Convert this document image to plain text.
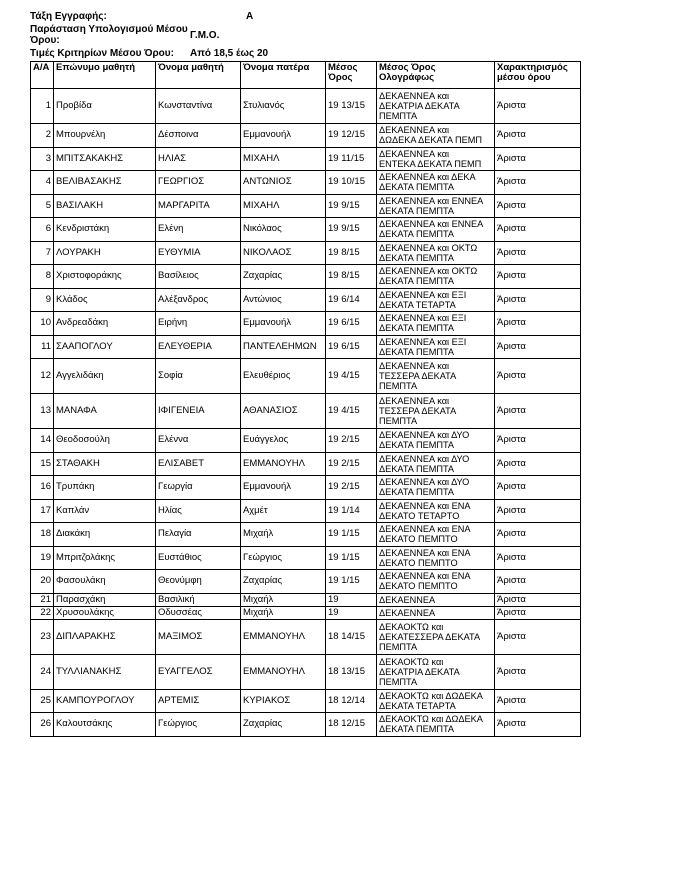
Τάξη Εγγραφής:	Α
Παράσταση Υπολογισμού Μέσου
Όρου:	Γ.Μ.Ο.
Τιμές Κριτηρίων Μέσου Όρου: Από 18,5 έως 20
Α/Α	Επώνυμο μαθητή	Όνομα μαθητή	Όνομα πατέρα	Μέσος
Όρος	Μέσος Όρος
Ολογράφως	Χαρακτηρισμός
μέσου όρου
1	Προβίδα	Κωνσταντίνα	Στυλιανός	19 13/15	ΔΕΚΑΕΝΝΕΑ και
ΔΕΚΑΤΡΙΑ ΔΕΚΑΤΑ
ΠΕΜΠΤΑ	Άριστα
2	Μπουρνέλη	Δέσποινα	Εμμανουήλ	19 12/15	ΔΕΚΑΕΝΝΕΑ και
ΔΩΔΕΚΑ ΔΕΚΑΤΑ ΠΕΜΠ	Άριστα
3	ΜΠΙΤΣΑΚΑΚΗΣ	ΗΛΙΑΣ	ΜΙΧΑΗΛ	19 11/15	ΔΕΚΑΕΝΝΕΑ και
ΕΝΤΕΚΑ ΔΕΚΑΤΑ ΠΕΜΠ	Άριστα
4	ΒΕΛΙΒΑΣΑΚΗΣ	ΓΕΩΡΓΙΟΣ	ΑΝΤΩΝΙΟΣ	19 10/15	ΔΕΚΑΕΝΝΕΑ και ΔΕΚΑ
ΔΕΚΑΤΑ ΠΕΜΠΤΑ	Άριστα
5	ΒΑΣΙΛΑΚΗ	ΜΑΡΓΑΡΙΤΑ	ΜΙΧΑΗΛ	19 9/15	ΔΕΚΑΕΝΝΕΑ και ΕΝΝΕΑ
ΔΕΚΑΤΑ ΠΕΜΠΤΑ	Άριστα
6	Κενδριστάκη	Ελένη	Νικόλαος	19 9/15	ΔΕΚΑΕΝΝΕΑ και ΕΝΝΕΑ
ΔΕΚΑΤΑ ΠΕΜΠΤΑ	Άριστα
7	ΛΟΥΡΑΚΗ	ΕΥΘΥΜΙΑ	ΝΙΚΟΛΑΟΣ	19 8/15	ΔΕΚΑΕΝΝΕΑ και ΟΚΤΩ
ΔΕΚΑΤΑ ΠΕΜΠΤΑ	Άριστα
8	Χριστοφοράκης	Βασίλειος	Ζαχαρίας	19 8/15	ΔΕΚΑΕΝΝΕΑ και ΟΚΤΩ
ΔΕΚΑΤΑ ΠΕΜΠΤΑ	Άριστα
9	Κλάδος	Αλέξανδρος	Αντώνιος	19 6/14	ΔΕΚΑΕΝΝΕΑ και ΕΞΙ
ΔΕΚΑΤΑ ΤΕΤΑΡΤΑ	Άριστα
10	Ανδρεαδάκη	Ειρήνη	Εμμανουήλ	19 6/15	ΔΕΚΑΕΝΝΕΑ και ΕΞΙ
ΔΕΚΑΤΑ ΠΕΜΠΤΑ	Άριστα
11	ΣΑΑΠΟΓΛΟΥ	ΕΛΕΥΘΕΡΙΑ	ΠΑΝΤΕΛΕΗΜΩΝ	19 6/15	ΔΕΚΑΕΝΝΕΑ και ΕΞΙ
ΔΕΚΑΤΑ ΠΕΜΠΤΑ	Άριστα
12	Αγγελιδάκη	Σοφία	Ελευθέριος	19 4/15	ΔΕΚΑΕΝΝΕΑ και
ΤΕΣΣΕΡΑ ΔΕΚΑΤΑ
ΠΕΜΠΤΑ	Άριστα
13	ΜΑΝΑΦΑ	ΙΦΙΓΕΝΕΙΑ	ΑΘΑΝΑΣΙΟΣ	19 4/15	ΔΕΚΑΕΝΝΕΑ και
ΤΕΣΣΕΡΑ ΔΕΚΑΤΑ
ΠΕΜΠΤΑ	Άριστα
14	Θεοδοσούλη	Ελέννα	Ευάγγελος	19 2/15	ΔΕΚΑΕΝΝΕΑ και ΔΥΟ
ΔΕΚΑΤΑ ΠΕΜΠΤΑ	Άριστα
15	ΣΤΑΘΑΚΗ	ΕΛΙΣΑΒΕΤ	ΕΜΜΑΝΟΥΗΛ	19 2/15	ΔΕΚΑΕΝΝΕΑ και ΔΥΟ
ΔΕΚΑΤΑ ΠΕΜΠΤΑ	Άριστα
16	Τρυπάκη	Γεωργία	Εμμανουήλ	19 2/15	ΔΕΚΑΕΝΝΕΑ και ΔΥΟ
ΔΕΚΑΤΑ ΠΕΜΠΤΑ	Άριστα
17	Καπλάν	Ηλίας	Αχμέτ	19 1/14	ΔΕΚΑΕΝΝΕΑ και ΕΝΑ
ΔΕΚΑΤΟ ΤΕΤΑΡΤΟ	Άριστα
18	Διακάκη	Πελαγία	Μιχαήλ	19 1/15	ΔΕΚΑΕΝΝΕΑ και ΕΝΑ
ΔΕΚΑΤΟ ΠΕΜΠΤΟ	Άριστα
19	Μπριτζολάκης	Ευστάθιος	Γεώργιος	19 1/15	ΔΕΚΑΕΝΝΕΑ και ΕΝΑ
ΔΕΚΑΤΟ ΠΕΜΠΤΟ	Άριστα
20	Φασουλάκη	Θεονύμφη	Ζαχαρίας	19 1/15	ΔΕΚΑΕΝΝΕΑ και ΕΝΑ
ΔΕΚΑΤΟ ΠΕΜΠΤΟ	Άριστα
21	Παρασχάκη	Βασιλική	Μιχαήλ	19	ΔΕΚΑΕΝΝΕΑ	Άριστα
22	Χρυσουλάκης	Οδυσσέας	Μιχαήλ	19	ΔΕΚΑΕΝΝΕΑ	Άριστα
23	ΔΙΠΛΑΡΑΚΗΣ	ΜΑΞΙΜΟΣ	ΕΜΜΑΝΟΥΗΛ	18 14/15	ΔΕΚΑΟΚΤΩ και
ΔΕΚΑΤΕΣΣΕΡΑ ΔΕΚΑΤΑ
ΠΕΜΠΤΑ	Άριστα
24	ΤΥΛΛΙΑΝΑΚΗΣ	ΕΥΑΓΓΕΛΟΣ	ΕΜΜΑΝΟΥΗΛ	18 13/15	ΔΕΚΑΟΚΤΩ και
ΔΕΚΑΤΡΙΑ ΔΕΚΑΤΑ
ΠΕΜΠΤΑ	Άριστα
25	ΚΑΜΠΟΥΡΟΓΛΟΥ	ΑΡΤΕΜΙΣ	ΚΥΡΙΑΚΟΣ	18 12/14	ΔΕΚΑΟΚΤΩ και ΔΩΔΕΚΑ
ΔΕΚΑΤΑ ΤΕΤΑΡΤΑ	Άριστα
26	Καλουτσάκης	Γεώργιος	Ζαχαρίας	18 12/15	ΔΕΚΑΟΚΤΩ και ΔΩΔΕΚΑ
ΔΕΚΑΤΑ ΠΕΜΠΤΑ	Άριστα
